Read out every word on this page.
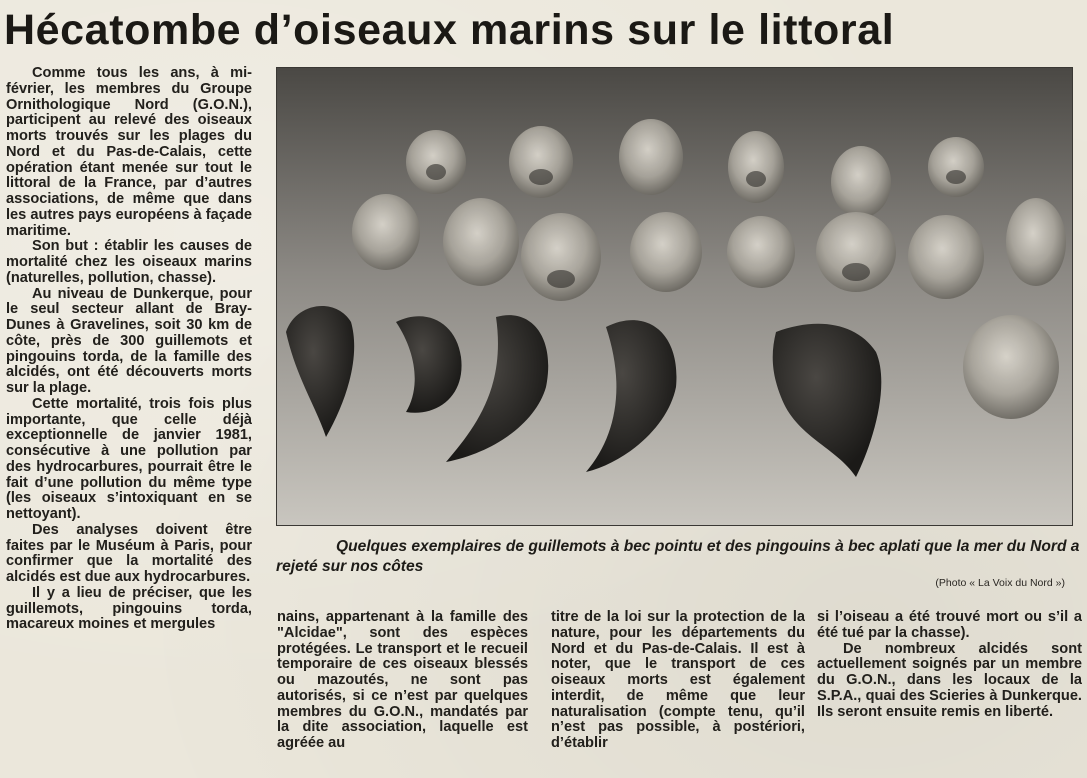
Hécatombe d’oiseaux marins sur le littoral

Comme tous les ans, à mi-février, les membres du Groupe Ornithologique Nord (G.O.N.), participent au relevé des oiseaux morts trouvés sur les plages du Nord et du Pas-de-Calais, cette opération étant menée sur tout le littoral de la France, par d’autres associations, de même que dans les autres pays européens à façade maritime.

Son but : établir les causes de mortalité chez les oiseaux marins (naturelles, pollution, chasse).

Au niveau de Dunkerque, pour le seul secteur allant de Bray-Dunes à Gravelines, soit 30 km de côte, près de 300 guillemots et pingouins torda, de la famille des alcidés, ont été découverts morts sur la plage.

Cette mortalité, trois fois plus importante, que celle déjà exceptionnelle de janvier 1981, consécutive à une pollution par des hydrocarbures, pourrait être le fait d’une pollution du même type (les oiseaux s’intoxiquant en se nettoyant).

Des analyses doivent être faites par le Muséum à Paris, pour confirmer que la mortalité des alcidés est due aux hydrocarbures.

Il y a lieu de préciser, que les guillemots, pingouins torda, macareux moines et mergules

Quelques exemplaires de guillemots à bec pointu et des pingouins à bec aplati que la mer du Nord a rejeté sur nos côtes

(Photo « La Voix du Nord »)

nains, appartenant à la famille des "Alcidae", sont des espèces protégées. Le transport et le recueil temporaire de ces oiseaux blessés ou mazoutés, ne sont pas autorisés, si ce n’est par quelques membres du G.O.N., mandatés par la dite association, laquelle est agréée au

titre de la loi sur la protection de la nature, pour les départements du Nord et du Pas-de-Calais. Il est à noter, que le transport de ces oiseaux morts est également interdit, de même que leur naturalisation (compte tenu, qu’il n’est pas possible, à postériori, d’établir

si l’oiseau a été trouvé mort ou s’il a été tué par la chasse).

De nombreux alcidés sont actuellement soignés par un membre du G.O.N., dans les locaux de la S.P.A., quai des Scieries à Dunkerque. Ils seront ensuite remis en liberté.
